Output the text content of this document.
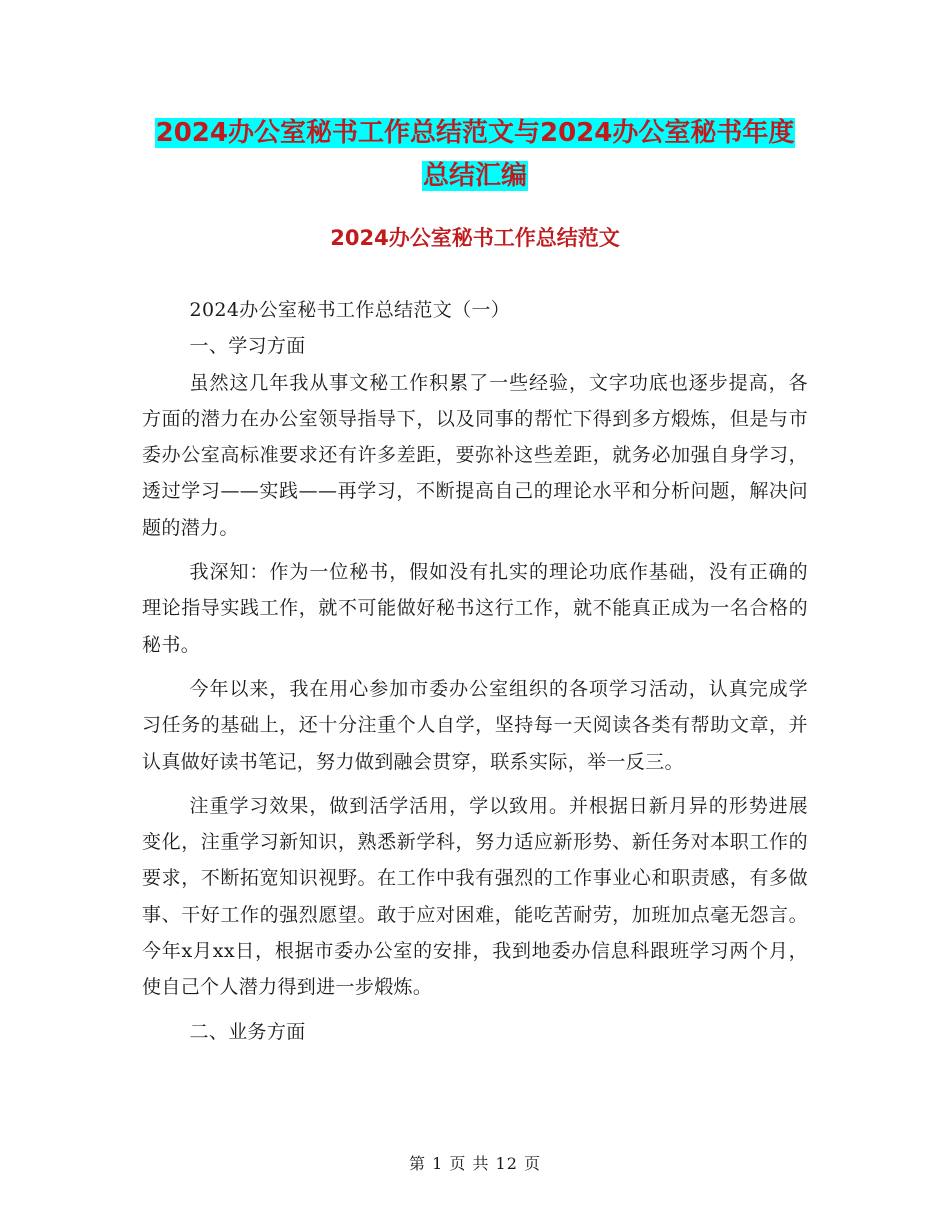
2024办公室秘书工作总结范文与2024办公室秘书年度
总结汇编
2024办公室秘书工作总结范文

2024办公室秘书工作总结范文（一）

一、学习方面

虽然这几年我从事文秘工作积累了一些经验，文字功底也逐步提高，各方面的潜力在办公室领导指导下，以及同事的帮忙下得到多方煅炼，但是与市委办公室高标准要求还有许多差距，要弥补这些差距，就务必加强自身学习，透过学习——实践——再学习，不断提高自己的理论水平和分析问题，解决问题的潜力。

我深知：作为一位秘书，假如没有扎实的理论功底作基础，没有正确的理论指导实践工作，就不可能做好秘书这行工作，就不能真正成为一名合格的秘书。

今年以来，我在用心参加市委办公室组织的各项学习活动，认真完成学习任务的基础上，还十分注重个人自学，坚持每一天阅读各类有帮助文章，并认真做好读书笔记，努力做到融会贯穿，联系实际，举一反三。

注重学习效果，做到活学活用，学以致用。并根据日新月异的形势进展变化，注重学习新知识，熟悉新学科，努力适应新形势、新任务对本职工作的要求，不断拓宽知识视野。在工作中我有强烈的工作事业心和职责感，有多做事、干好工作的强烈愿望。敢于应对困难，能吃苦耐劳，加班加点毫无怨言。今年x月xx日，根据市委办公室的安排，我到地委办信息科跟班学习两个月，使自己个人潜力得到进一步煅炼。

二、业务方面

第 1 页 共 12 页
